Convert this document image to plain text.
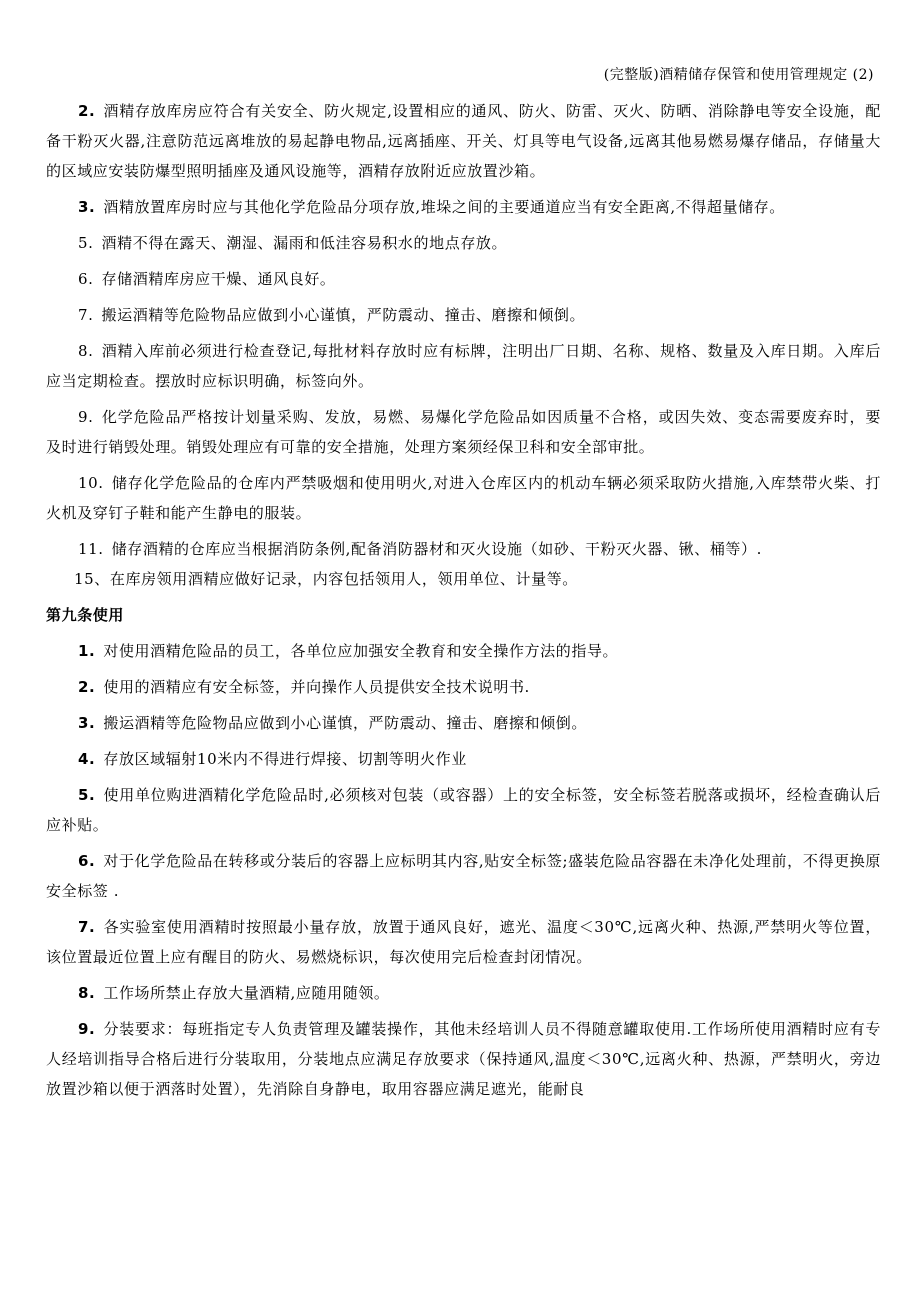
(完整版)酒精储存保管和使用管理规定 (2)

2. 酒精存放库房应符合有关安全、防火规定,设置相应的通风、防火、防雷、灭火、防晒、消除静电等安全设施，配备干粉灭火器,注意防范远离堆放的易起静电物品,远离插座、开关、灯具等电气设备,远离其他易燃易爆存储品，存储量大的区域应安装防爆型照明插座及通风设施等，酒精存放附近应放置沙箱。

3. 酒精放置库房时应与其他化学危险品分项存放,堆垛之间的主要通道应当有安全距离,不得超量储存。

5. 酒精不得在露天、潮湿、漏雨和低洼容易积水的地点存放。

6. 存储酒精库房应干燥、通风良好。

7. 搬运酒精等危险物品应做到小心谨慎，严防震动、撞击、磨擦和倾倒。

8. 酒精入库前必须进行检查登记,每批材料存放时应有标牌，注明出厂日期、名称、规格、数量及入库日期。入库后应当定期检查。摆放时应标识明确，标签向外。

9. 化学危险品严格按计划量采购、发放，易燃、易爆化学危险品如因质量不合格，或因失效、变态需要废弃时，要及时进行销毁处理。销毁处理应有可靠的安全措施，处理方案须经保卫科和安全部审批。

10. 储存化学危险品的仓库内严禁吸烟和使用明火,对进入仓库区内的机动车辆必须采取防火措施,入库禁带火柴、打火机及穿钉子鞋和能产生静电的服装。

11. 储存酒精的仓库应当根据消防条例,配备消防器材和灭火设施（如砂、干粉灭火器、锹、桶等）.

15、在库房领用酒精应做好记录，内容包括领用人，领用单位、计量等。

第九条使用

1. 对使用酒精危险品的员工，各单位应加强安全教育和安全操作方法的指导。

2. 使用的酒精应有安全标签，并向操作人员提供安全技术说明书.

3. 搬运酒精等危险物品应做到小心谨慎，严防震动、撞击、磨擦和倾倒。

4. 存放区域辐射10米内不得进行焊接、切割等明火作业

5. 使用单位购进酒精化学危险品时,必须核对包装（或容器）上的安全标签，安全标签若脱落或损坏，经检查确认后应补贴。

6. 对于化学危险品在转移或分装后的容器上应标明其内容,贴安全标签;盛装危险品容器在未净化处理前，不得更换原安全标签 .

7. 各实验室使用酒精时按照最小量存放，放置于通风良好，遮光、温度＜30℃,远离火种、热源,严禁明火等位置，该位置最近位置上应有醒目的防火、易燃烧标识，每次使用完后检查封闭情况。

8. 工作场所禁止存放大量酒精,应随用随领。

9. 分装要求：每班指定专人负责管理及罐装操作，其他未经培训人员不得随意罐取使用.工作场所使用酒精时应有专人经培训指导合格后进行分装取用，分装地点应满足存放要求（保持通风,温度＜30℃,远离火种、热源，严禁明火，旁边放置沙箱以便于洒落时处置），先消除自身静电，取用容器应满足遮光，能耐良
